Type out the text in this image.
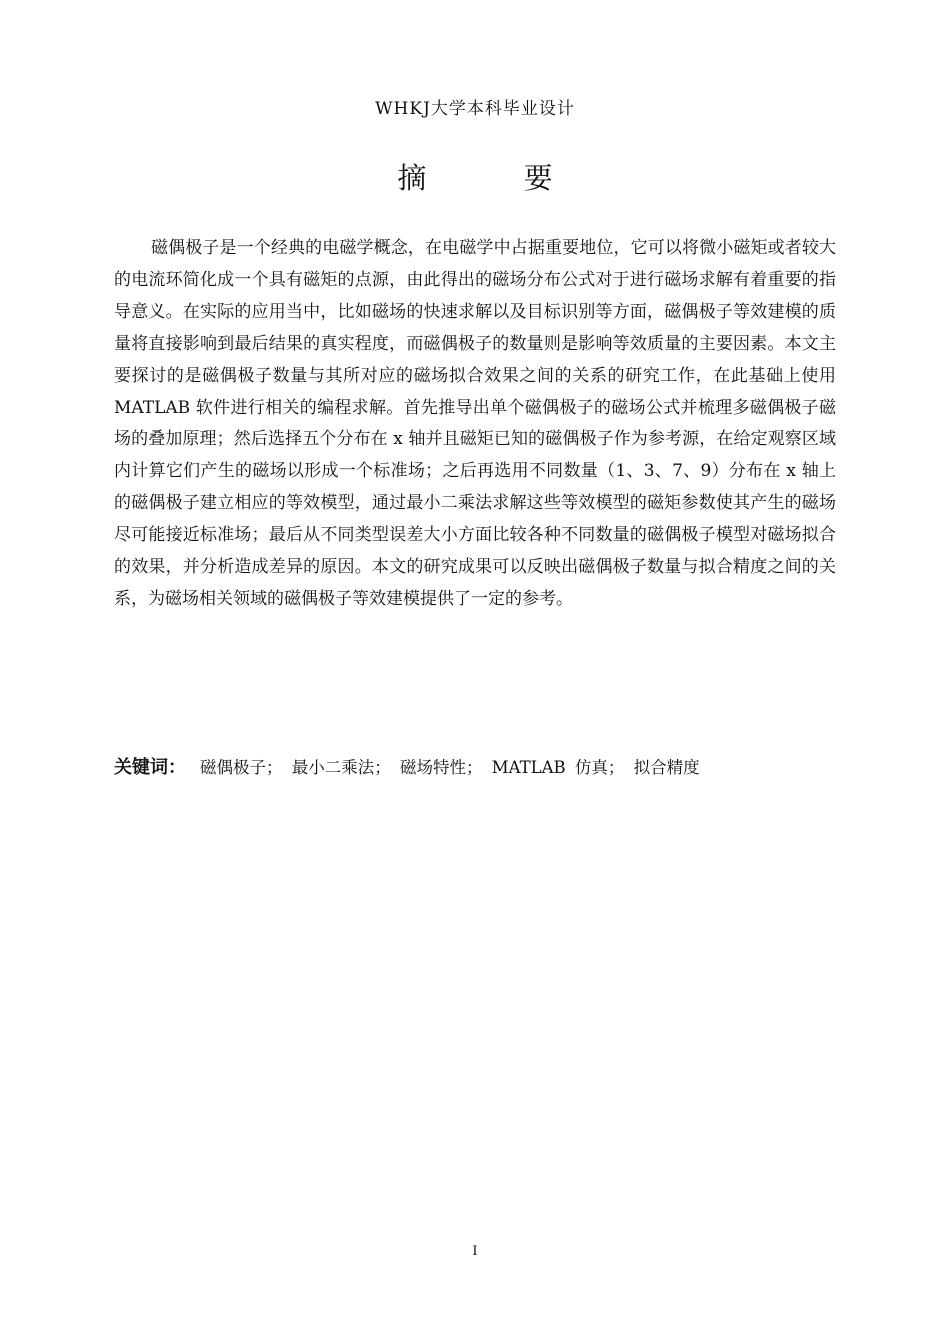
WHKJ大学本科毕业设计
摘 要

磁偶极子是一个经典的电磁学概念，在电磁学中占据重要地位，它可以将微小磁矩或者较大的电流环简化成一个具有磁矩的点源，由此得出的磁场分布公式对于进行磁场求解有着重要的指导意义。在实际的应用当中，比如磁场的快速求解以及目标识别等方面，磁偶极子等效建模的质量将直接影响到最后结果的真实程度，而磁偶极子的数量则是影响等效质量的主要因素。本文主要探讨的是磁偶极子数量与其所对应的磁场拟合效果之间的关系的研究工作，在此基础上使用 MATLAB 软件进行相关的编程求解。首先推导出单个磁偶极子的磁场公式并梳理多磁偶极子磁场的叠加原理；然后选择五个分布在 x 轴并且磁矩已知的磁偶极子作为参考源，在给定观察区域内计算它们产生的磁场以形成一个标准场；之后再选用不同数量（1、3、7、9）分布在 x 轴上的磁偶极子建立相应的等效模型，通过最小二乘法求解这些等效模型的磁矩参数使其产生的磁场尽可能接近标准场；最后从不同类型误差大小方面比较各种不同数量的磁偶极子模型对磁场拟合的效果，并分析造成差异的原因。本文的研究成果可以反映出磁偶极子数量与拟合精度之间的关系，为磁场相关领域的磁偶极子等效建模提供了一定的参考。

关键词： 磁偶极子； 最小二乘法； 磁场特性； MATLAB 仿真； 拟合精度
I
